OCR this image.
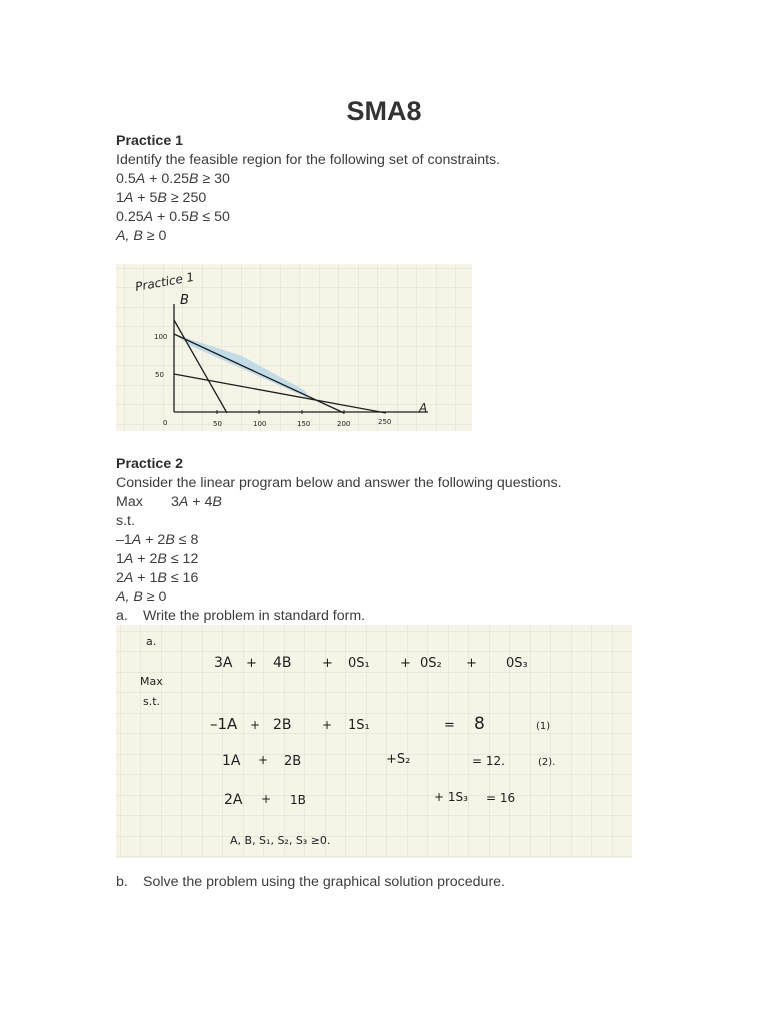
SMA8
Practice 1
Identify the feasible region for the following set of constraints.
0.5A + 0.25B ≥ 30
1A + 5B ≥ 250
0.25A + 0.5B ≤ 50
A, B ≥ 0
Practice 1
B
A
100
50
0	50	100	150	200	250
Practice 2
Consider the linear program below and answer the following questions.
Max 3A + 4B
s.t.
–1A + 2B ≤ 8
1A + 2B ≤ 12
2A + 1B ≤ 16
A, B ≥ 0
a. Write the problem in standard form.
a.
Max
s.t.
3A + 4B + 0S₁ + 0S₂ + 0S₃
–1A + 2B	+ 1S₁	= 8	(1)
1A + 2B	+S₂	= 12.	(2).
2A + 1B	+ 1S₃ = 16
A, B, S₁, S₂, S₃ ≥0.
b. Solve the problem using the graphical solution procedure.
